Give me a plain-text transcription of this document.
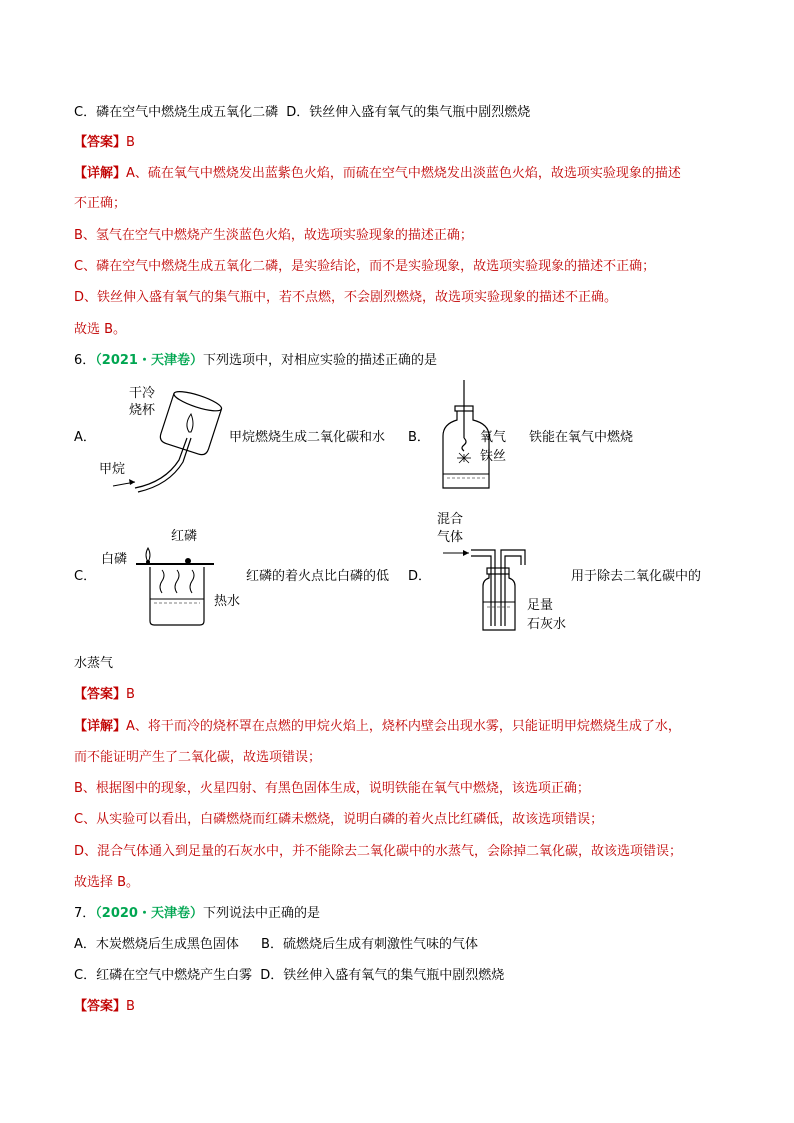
C．磷在空气中燃烧生成五氧化二磷 D．铁丝伸入盛有氧气的集气瓶中剧烈燃烧
【答案】B
【详解】A、硫在氧气中燃烧发出蓝紫色火焰，而硫在空气中燃烧发出淡蓝色火焰，故选项实验现象的描述
不正确；
B、氢气在空气中燃烧产生淡蓝色火焰，故选项实验现象的描述正确；
C、磷在空气中燃烧生成五氧化二磷，是实验结论，而不是实验现象，故选项实验现象的描述不正确；
D、铁丝伸入盛有氧气的集气瓶中，若不点燃，不会剧烈燃烧，故选项实验现象的描述不正确。
故选 B。
6．（2021・天津卷）下列选项中，对相应实验的描述正确的是
A．
干冷
烧杯
甲烷
甲烷燃烧生成二氧化碳和水 B．	氧气
铁丝
铁能在氧气中燃烧
C．
红磷
白磷
热水
红磷的着火点比白磷的低 D．
混合
气体
足量
石灰水
用于除去二氧化碳中的
水蒸气
【答案】B
【详解】A、将干而冷的烧杯罩在点燃的甲烷火焰上，烧杯内壁会出现水雾，只能证明甲烷燃烧生成了水，
而不能证明产生了二氧化碳，故选项错误；
B、根据图中的现象，火星四射、有黑色固体生成，说明铁能在氧气中燃烧，该选项正确；
C、从实验可以看出，白磷燃烧而红磷未燃烧，说明白磷的着火点比红磷低，故该选项错误；
D、混合气体通入到足量的石灰水中，并不能除去二氧化碳中的水蒸气，会除掉二氧化碳，故该选项错误；
故选择 B。
7．（2020・天津卷）下列说法中正确的是
A．木炭燃烧后生成黑色固体 B．硫燃烧后生成有刺激性气味的气体
C．红磷在空气中燃烧产生白雾 D．铁丝伸入盛有氧气的集气瓶中剧烈燃烧
【答案】B
